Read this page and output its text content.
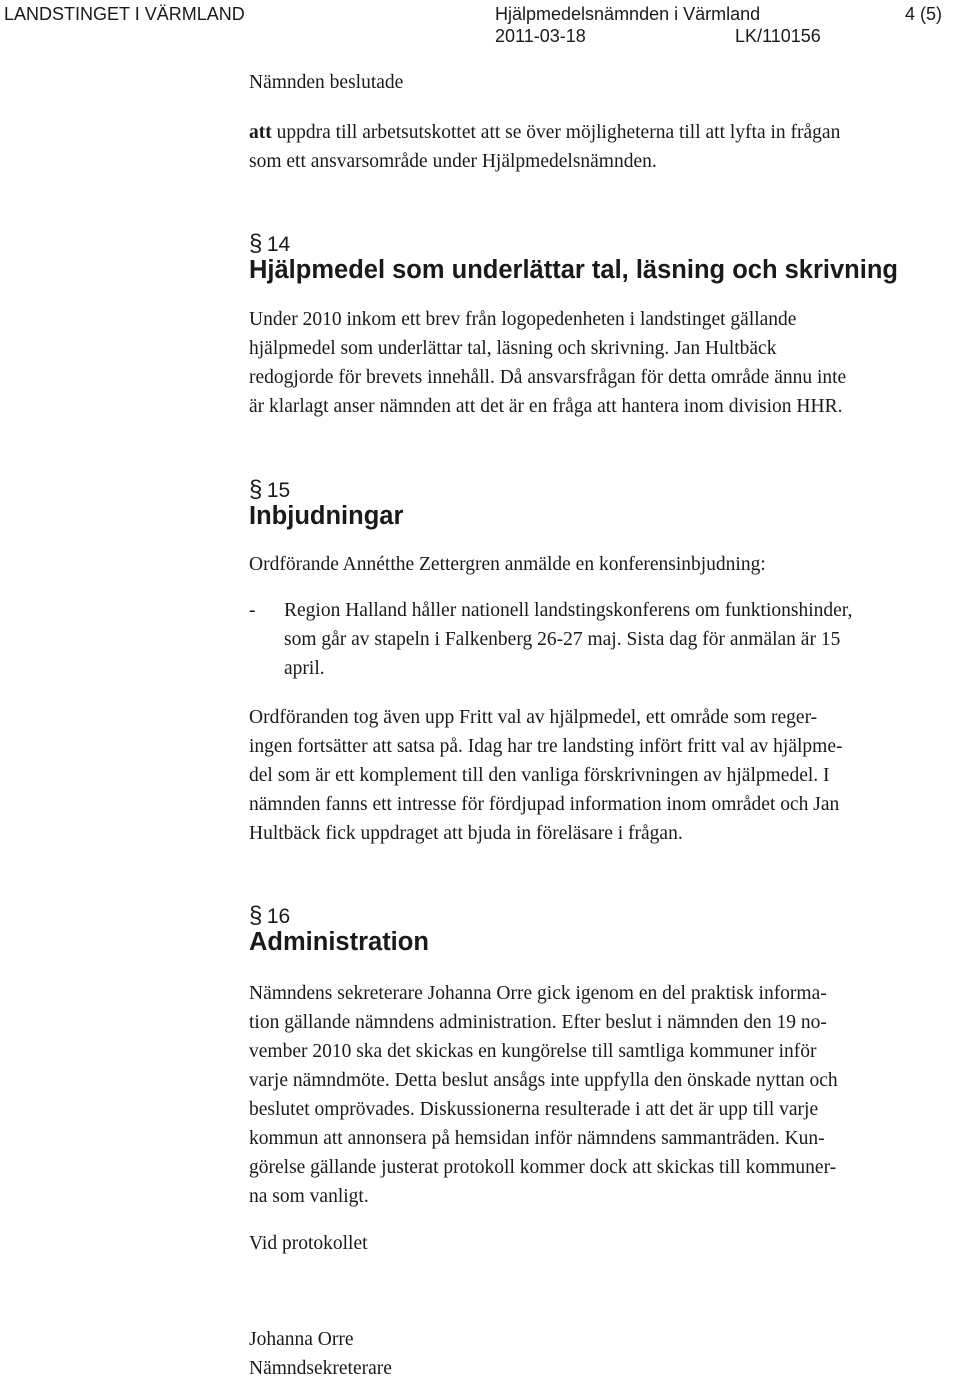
LANDSTINGET I VÄRMLAND	Hjälpmedelsnämnden i Värmland	4 (5)
2011-03-18	LK/110156
Nämnden beslutade
att uppdra till arbetsutskottet att se över möjligheterna till att lyfta in frågan
som ett ansvarsområde under Hjälpmedelsnämnden.
§ 14
Hjälpmedel som underlättar tal, läsning och skrivning
Under 2010 inkom ett brev från logopedenheten i landstinget gällande
hjälpmedel som underlättar tal, läsning och skrivning. Jan Hultbäck
redogjorde för brevets innehåll. Då ansvarsfrågan för detta område ännu inte
är klarlagt anser nämnden att det är en fråga att hantera inom division HHR.
§ 15
Inbjudningar
Ordförande Annétthe Zettergren anmälde en konferensinbjudning:
- Region Halland håller nationell landstingskonferens om funktionshinder,
som går av stapeln i Falkenberg 26-27 maj. Sista dag för anmälan är 15
april.
Ordföranden tog även upp Fritt val av hjälpmedel, ett område som reger-
ingen fortsätter att satsa på. Idag har tre landsting infört fritt val av hjälpme-
del som är ett komplement till den vanliga förskrivningen av hjälpmedel. I
nämnden fanns ett intresse för fördjupad information inom området och Jan
Hultbäck fick uppdraget att bjuda in föreläsare i frågan.
§ 16
Administration
Nämndens sekreterare Johanna Orre gick igenom en del praktisk informa-
tion gällande nämndens administration. Efter beslut i nämnden den 19 no-
vember 2010 ska det skickas en kungörelse till samtliga kommuner inför
varje nämndmöte. Detta beslut ansågs inte uppfylla den önskade nyttan och
beslutet omprövades. Diskussionerna resulterade i att det är upp till varje
kommun att annonsera på hemsidan inför nämndens sammanträden. Kun-
görelse gällande justerat protokoll kommer dock att skickas till kommuner-
na som vanligt.
Vid protokollet
Johanna Orre
Nämndsekreterare
